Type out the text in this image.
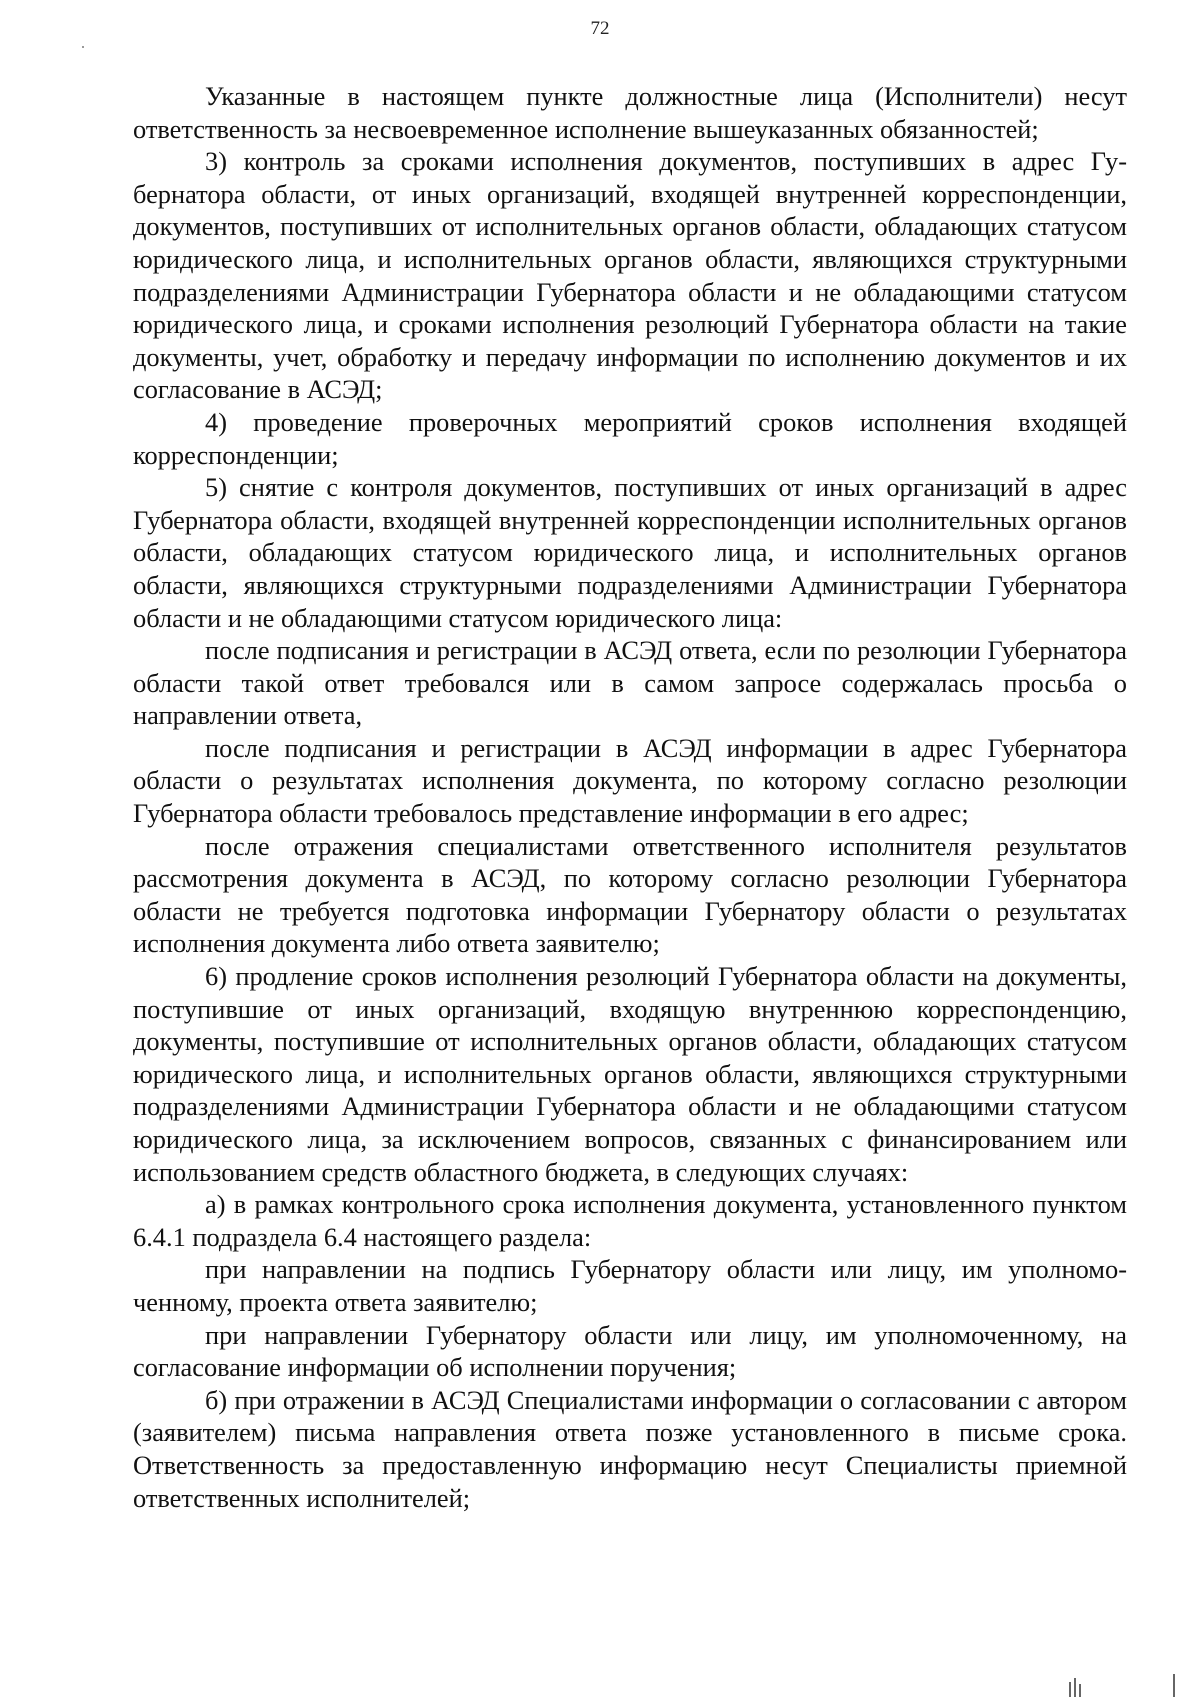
72

Указанные в настоящем пункте должностные лица (Исполнители) несут ответственность за несвоевременное исполнение вышеуказанных обязанностей;

3) контроль за сроками исполнения документов, поступивших в адрес Губернатора области, от иных организаций, входящей внутренней корреспонденции, документов, поступивших от исполнительных органов области, обладающих статусом юридического лица, и исполнительных органов области, являющихся структурными подразделениями Администрации Губернатора области и не обладающими статусом юридического лица, и сроками исполнения резолюций Губернатора области на такие документы, учет, обработку и передачу информации по исполнению документов и их согласование в АСЭД;

4) проведение проверочных мероприятий сроков исполнения входящей корреспонденции;

5) снятие с контроля документов, поступивших от иных организаций в адрес Губернатора области, входящей внутренней корреспонденции исполнительных органов области, обладающих статусом юридического лица, и исполнительных органов области, являющихся структурными подразделениями Администрации Губернатора области и не обладающими статусом юридического лица:

после подписания и регистрации в АСЭД ответа, если по резолюции Губернатора области такой ответ требовался или в самом запросе содержалась просьба о направлении ответа,

после подписания и регистрации в АСЭД информации в адрес Губернатора области о результатах исполнения документа, по которому согласно резолюции Губернатора области требовалось представление информации в его адрес;

после отражения специалистами ответственного исполнителя результатов рассмотрения документа в АСЭД, по которому согласно резолюции Губернатора области не требуется подготовка информации Губернатору области о результатах исполнения документа либо ответа заявителю;

6) продление сроков исполнения резолюций Губернатора области на документы, поступившие от иных организаций, входящую внутреннюю корреспонденцию, документы, поступившие от исполнительных органов области, обладающих статусом юридического лица, и исполнительных органов области, являющихся структурными подразделениями Администрации Губернатора области и не обладающими статусом юридического лица, за исключением вопросов, связанных с финансированием или использованием средств областного бюджета, в следующих случаях:

а) в рамках контрольного срока исполнения документа, установленного пунктом 6.4.1 подраздела 6.4 настоящего раздела:

при направлении на подпись Губернатору области или лицу, им уполномоченному, проекта ответа заявителю;

при направлении Губернатору области или лицу, им уполномоченному, на согласование информации об исполнении поручения;

б) при отражении в АСЭД Специалистами информации о согласовании с автором (заявителем) письма направления ответа позже установленного в письме срока. Ответственность за предоставленную информацию несут Специалисты приемной ответственных исполнителей;
